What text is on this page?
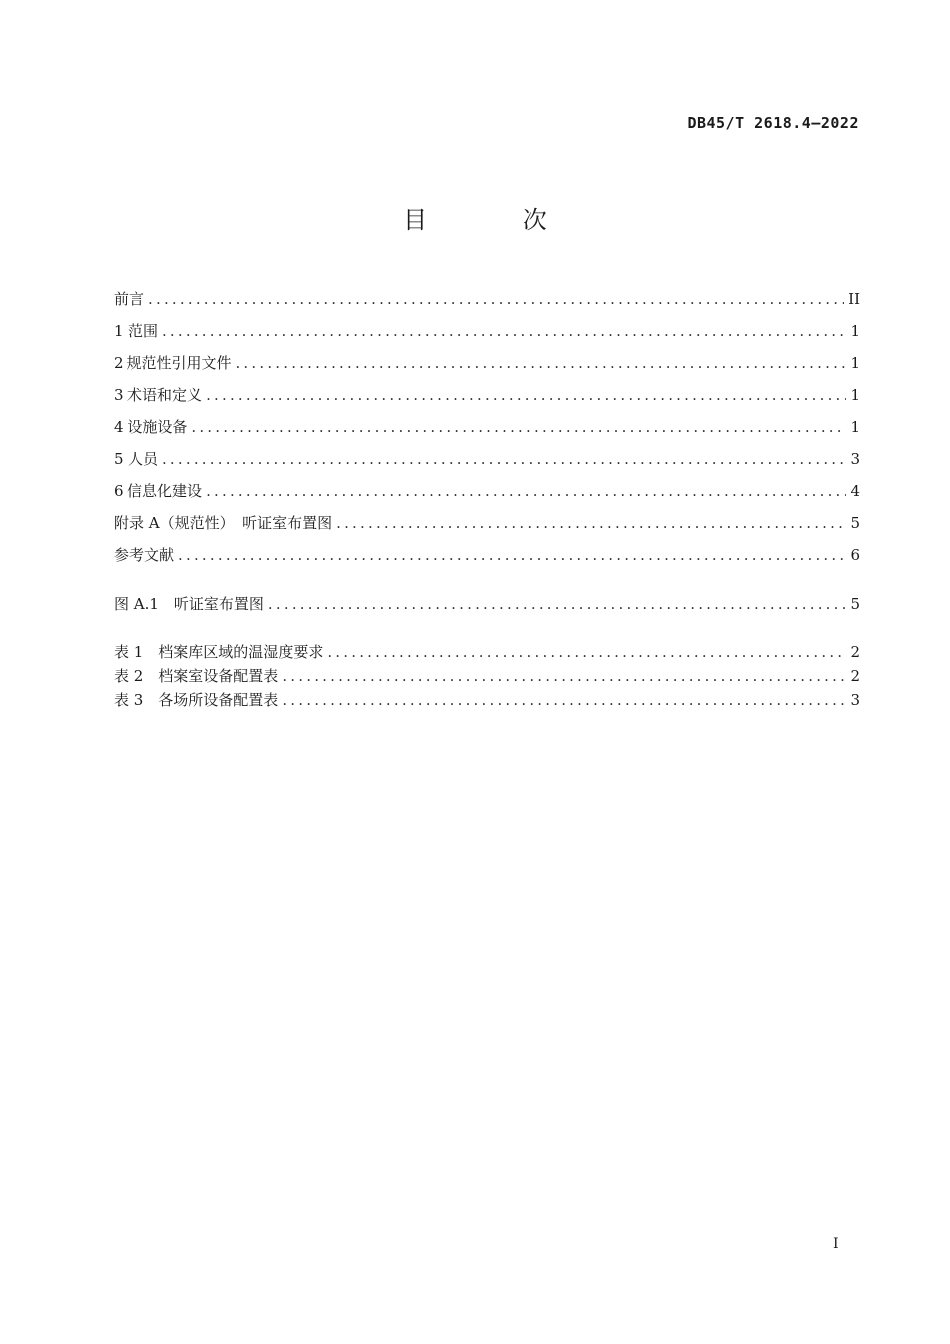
DB45/T 2618.4—2022
目 次
前言 .....	II
1 范围 .....	1
2 规范性引用文件 .....	1
3 术语和定义 .....	1
4 设施设备 .....	1
5 人员 .....	3
6 信息化建设 .....	4
附录 A（规范性）　听证室布置图 .....	5
参考文献 .....	6
图 A.1　听证室布置图 .....	5
表 1　档案库区域的温湿度要求 .....	2
表 2　档案室设备配置表 .....	2
表 3　各场所设备配置表 .....	3
I
